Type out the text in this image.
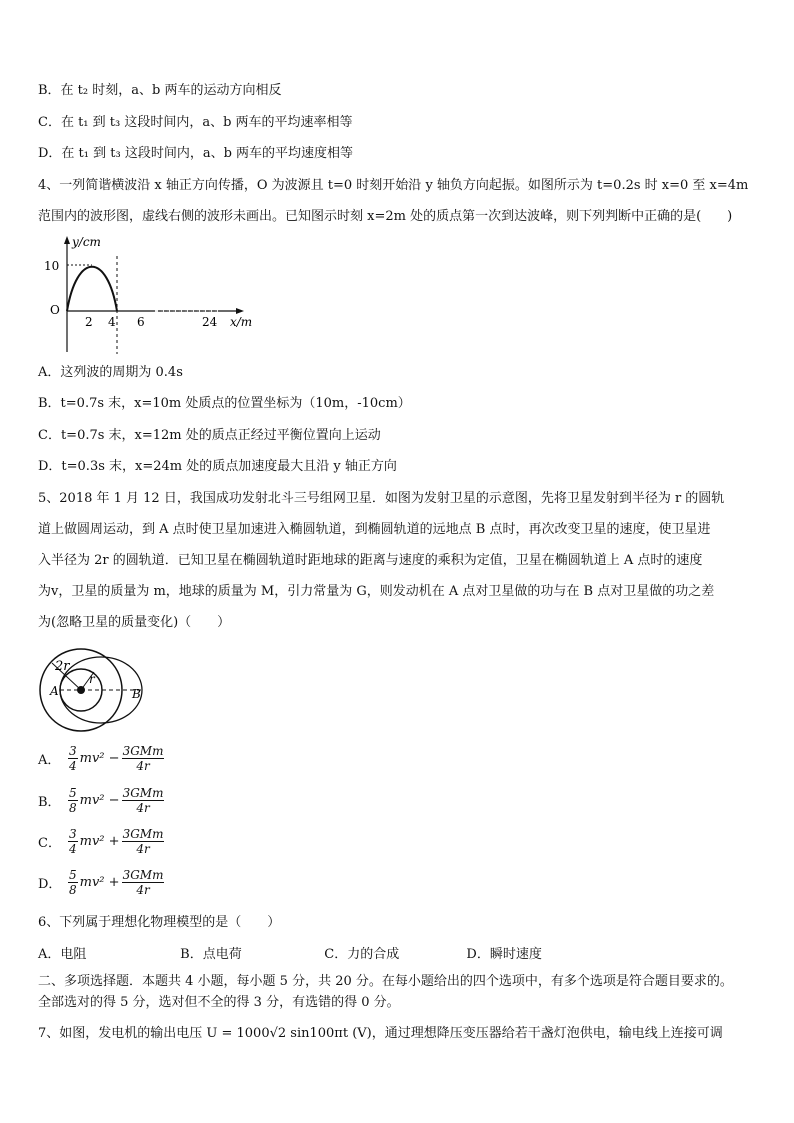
B．在 t₂ 时刻，a、b 两车的运动方向相反
C．在 t₁ 到 t₃ 这段时间内，a、b 两车的平均速率相等
D．在 t₁ 到 t₃ 这段时间内，a、b 两车的平均速度相等
4、一列简谐横波沿 x 轴正方向传播，O 为波源且 t=0 时刻开始沿 y 轴负方向起振。如图所示为 t=0.2s 时 x=0 至 x=4m
范围内的波形图，虚线右侧的波形未画出。已知图示时刻 x=2m 处的质点第一次到达波峰，则下列判断中正确的是(　　)
y/cm
10
O
2 4 6	24 x/m
A．这列波的周期为 0.4s
B．t=0.7s 末，x=10m 处质点的位置坐标为（10m，-10cm）
C．t=0.7s 末，x=12m 处的质点正经过平衡位置向上运动
D．t=0.3s 末，x=24m 处的质点加速度最大且沿 y 轴正方向
5、2018 年 1 月 12 日，我国成功发射北斗三号组网卫星．如图为发射卫星的示意图，先将卫星发射到半径为 r 的圆轨
道上做圆周运动，到 A 点时使卫星加速进入椭圆轨道，到椭圆轨道的远地点 B 点时，再次改变卫星的速度，使卫星进
入半径为 2r 的圆轨道．已知卫星在椭圆轨道时距地球的距离与速度的乘积为定值，卫星在椭圆轨道上 A 点时的速度
为v，卫星的质量为 m，地球的质量为 M，引力常量为 G，则发动机在 A 点对卫星做的功与在 B 点对卫星做的功之差
为(忽略卫星的质量变化)（　　）
2r
r
A	B
A． $\frac{3}{4} mv^2 - \frac{\text{3GMm}}{4r}$
B． $\frac{5}{8} mv^2 - \frac{\text{3GMm}}{4r}$
C． $\frac{3}{4} mv^2 + \frac{\text{3GMm}}{4r}$
D． $\frac{5}{8} mv^2 + \frac{\text{3GMm}}{4r}$
6、下列属于理想化物理模型的是（　　）
A．电阻	B．点电荷	C．力的合成	D．瞬时速度
二、多项选择题．本题共 4 小题，每小题 5 分，共 20 分。在每小题给出的四个选项中，有多个选项是符合题目要求的。
全部选对的得 5 分，选对但不全的得 3 分，有选错的得 0 分。
7、如图，发电机的输出电压 U = 1000√2 sin100πt (V)，通过理想降压变压器给若干盏灯泡供电，输电线上连接可调
